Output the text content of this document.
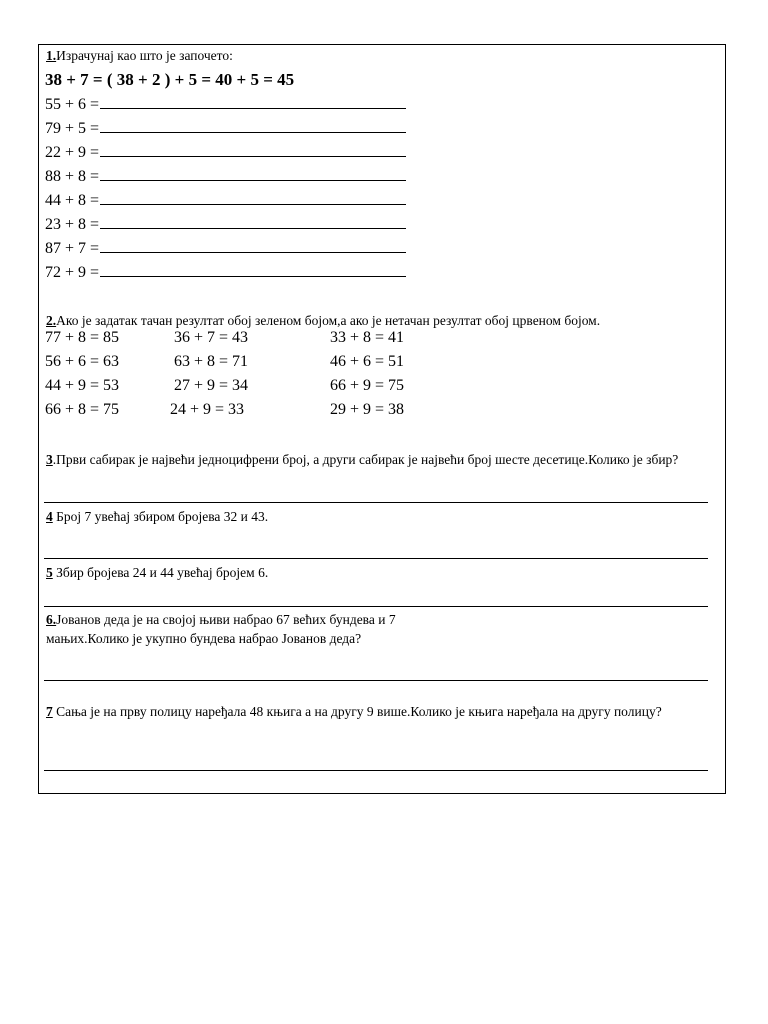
1.Израчунај као што је започето:
38 + 7 = ( 38 + 2 ) + 5 = 40 + 5 = 45
55 + 6 =
79 + 5 =
22 + 9 =
88 + 8 =
44 + 8 =
23 + 8 =
87 + 7 =
72 + 9 =
2.Ако је задатак тачан резултат обој зеленом бојом,а ако је нетачан резултат обој црвеном бојом.
77 + 8 = 85	36 + 7 = 43	33 + 8 = 41
56 + 6 = 63	63 + 8 = 71	46 + 6 = 51
44 + 9 = 53	27 + 9 = 34	66 + 9 = 75
66 + 8 = 75	24 + 9 = 33	29 + 9 = 38
3.Први сабирак је највећи једноцифрени број, а други сабирак је највећи број шесте десетице.Колико је збир?
4 Број 7 увећај збиром бројева 32 и 43.
5 Збир бројева 24 и 44 увећај бројем 6.
6.Јованов деда је на својој њиви набрао 67 већих бундева и 7
мањих.Колико је укупно бундева набрао Јованов деда?
7 Сања је на прву полицу наређала 48 књига а на другу 9 више.Колико је књига наређала на другу полицу?
